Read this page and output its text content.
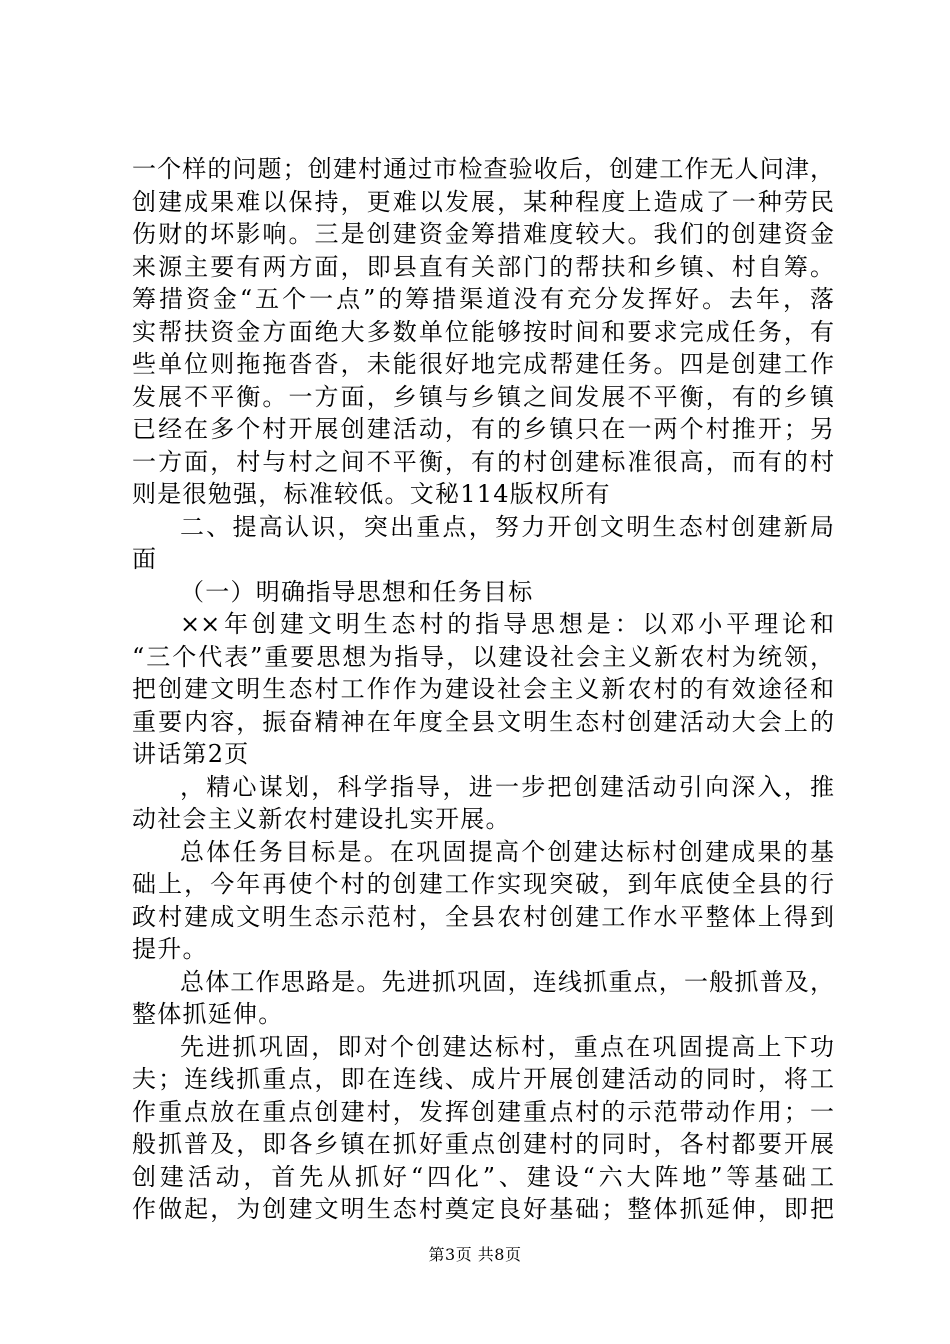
一个样的问题；创建村通过市检查验收后，创建工作无人问津，
创建成果难以保持，更难以发展，某种程度上造成了一种劳民
伤财的坏影响。三是创建资金筹措难度较大。我们的创建资金
来源主要有两方面，即县直有关部门的帮扶和乡镇、村自筹。
筹措资金“五个一点”的筹措渠道没有充分发挥好。去年，落
实帮扶资金方面绝大多数单位能够按时间和要求完成任务，有
些单位则拖拖沓沓，未能很好地完成帮建任务。四是创建工作
发展不平衡。一方面，乡镇与乡镇之间发展不平衡，有的乡镇
已经在多个村开展创建活动，有的乡镇只在一两个村推开；另
一方面，村与村之间不平衡，有的村创建标准很高，而有的村
则是很勉强，标准较低。文秘114版权所有
二、提高认识，突出重点，努力开创文明生态村创建新局
面
（一）明确指导思想和任务目标
××年创建文明生态村的指导思想是：以邓小平理论和
“三个代表”重要思想为指导，以建设社会主义新农村为统领，
把创建文明生态村工作作为建设社会主义新农村的有效途径和
重要内容，振奋精神在年度全县文明生态村创建活动大会上的
讲话第2页
，精心谋划，科学指导，进一步把创建活动引向深入，推
动社会主义新农村建设扎实开展。
总体任务目标是。在巩固提高个创建达标村创建成果的基
础上，今年再使个村的创建工作实现突破，到年底使全县的行
政村建成文明生态示范村，全县农村创建工作水平整体上得到
提升。
总体工作思路是。先进抓巩固，连线抓重点，一般抓普及，
整体抓延伸。
先进抓巩固，即对个创建达标村，重点在巩固提高上下功
夫；连线抓重点，即在连线、成片开展创建活动的同时，将工
作重点放在重点创建村，发挥创建重点村的示范带动作用；一
般抓普及，即各乡镇在抓好重点创建村的同时，各村都要开展
创建活动，首先从抓好“四化”、建设“六大阵地”等基础工
作做起，为创建文明生态村奠定良好基础；整体抓延伸，即把
第3页 共8页
